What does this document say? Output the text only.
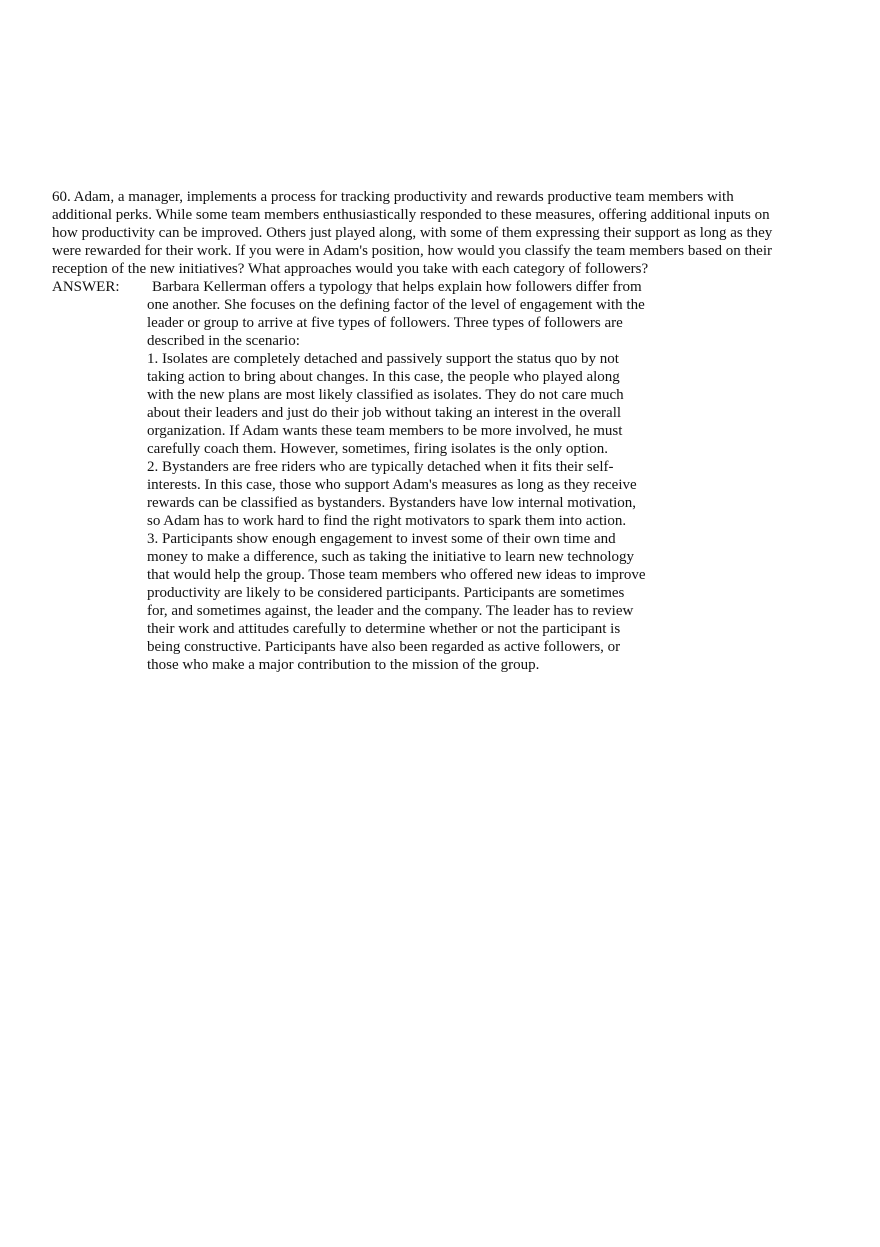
60. Adam, a manager, implements a process for tracking productivity and rewards productive team members with
additional perks. While some team members enthusiastically responded to these measures, offering additional inputs on
how productivity can be improved. Others just played along, with some of them expressing their support as long as they
were rewarded for their work. If you were in Adam's position, how would you classify the team members based on their
reception of the new initiatives? What approaches would you take with each category of followers?
ANSWER:	Barbara Kellerman offers a typology that helps explain how followers differ from
one another. She focuses on the defining factor of the level of engagement with the
leader or group to arrive at five types of followers. Three types of followers are
described in the scenario:
1. Isolates are completely detached and passively support the status quo by not
taking action to bring about changes. In this case, the people who played along
with the new plans are most likely classified as isolates. They do not care much
about their leaders and just do their job without taking an interest in the overall
organization. If Adam wants these team members to be more involved, he must
carefully coach them. However, sometimes, firing isolates is the only option.
2. Bystanders are free riders who are typically detached when it fits their self-
interests. In this case, those who support Adam's measures as long as they receive
rewards can be classified as bystanders. Bystanders have low internal motivation,
so Adam has to work hard to find the right motivators to spark them into action.
3. Participants show enough engagement to invest some of their own time and
money to make a difference, such as taking the initiative to learn new technology
that would help the group. Those team members who offered new ideas to improve
productivity are likely to be considered participants. Participants are sometimes
for, and sometimes against, the leader and the company. The leader has to review
their work and attitudes carefully to determine whether or not the participant is
being constructive. Participants have also been regarded as active followers, or
those who make a major contribution to the mission of the group.
